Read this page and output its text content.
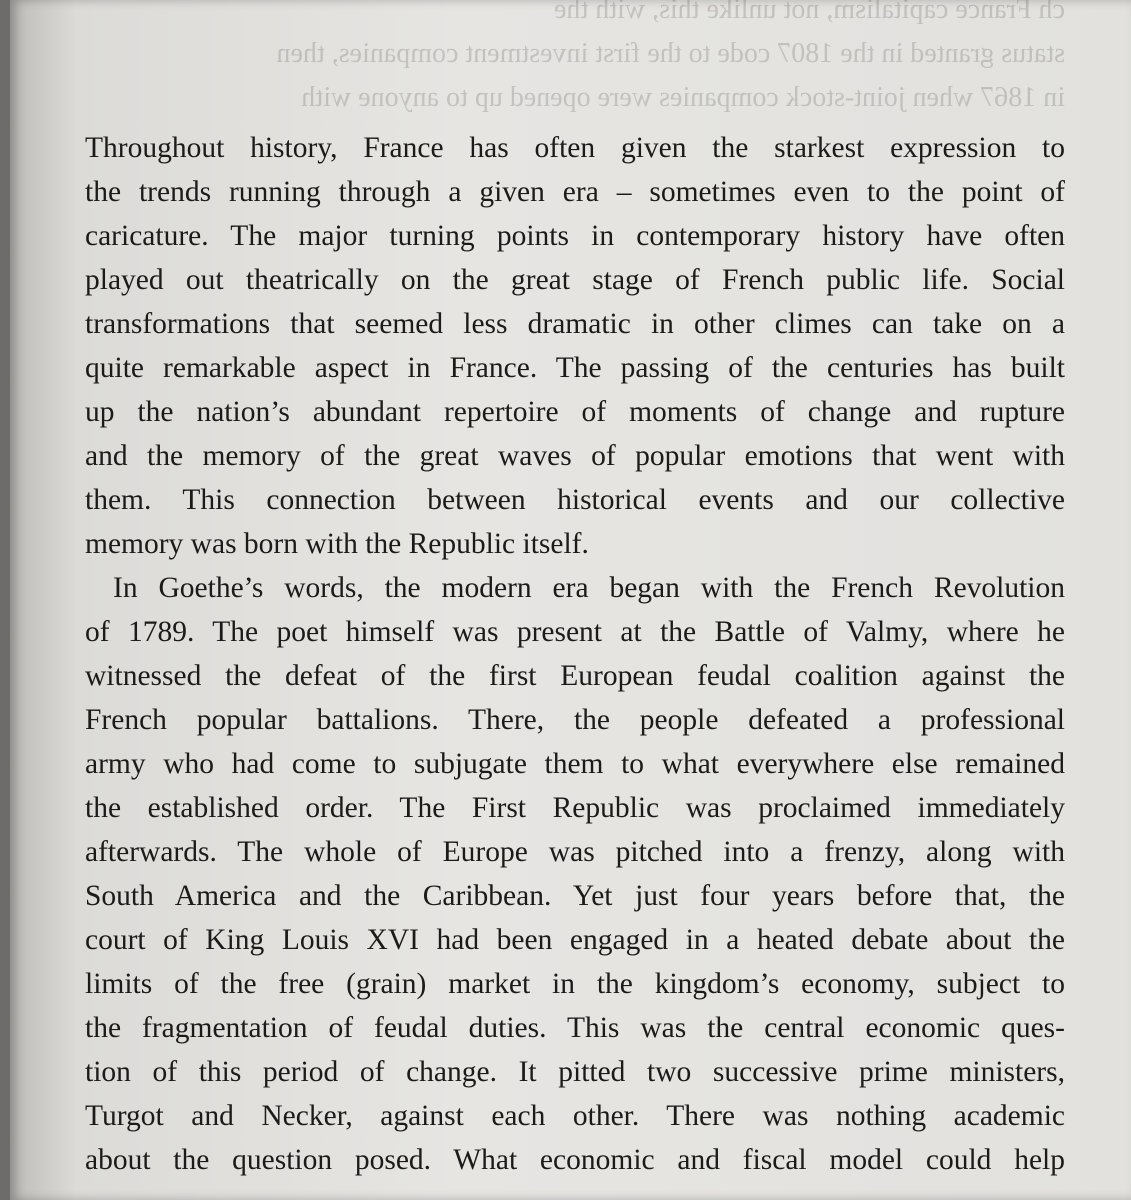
ch France capitalism, not unlike this, with the
status granted in the 1807 code to the first investment companies, then
in 1867 when joint-stock companies were opened up to anyone with
Throughout history, France has often given the starkest expression to
the trends running through a given era – sometimes even to the point of
caricature. The major turning points in contemporary history have often
played out theatrically on the great stage of French public life. Social
transformations that seemed less dramatic in other climes can take on a
quite remarkable aspect in France. The passing of the centuries has built
up the nation’s abundant repertoire of moments of change and rupture
and the memory of the great waves of popular emotions that went with
them. This connection between historical events and our collective
memory was born with the Republic itself.
In Goethe’s words, the modern era began with the French Revolution
of 1789. The poet himself was present at the Battle of Valmy, where he
witnessed the defeat of the first European feudal coalition against the
French popular battalions. There, the people defeated a professional
army who had come to subjugate them to what everywhere else remained
the established order. The First Republic was proclaimed immediately
afterwards. The whole of Europe was pitched into a frenzy, along with
South America and the Caribbean. Yet just four years before that, the
court of King Louis XVI had been engaged in a heated debate about the
limits of the free (grain) market in the kingdom’s economy, subject to
the fragmentation of feudal duties. This was the central economic ques-
tion of this period of change. It pitted two successive prime ministers,
Turgot and Necker, against each other. There was nothing academic
about the question posed. What economic and fiscal model could help
